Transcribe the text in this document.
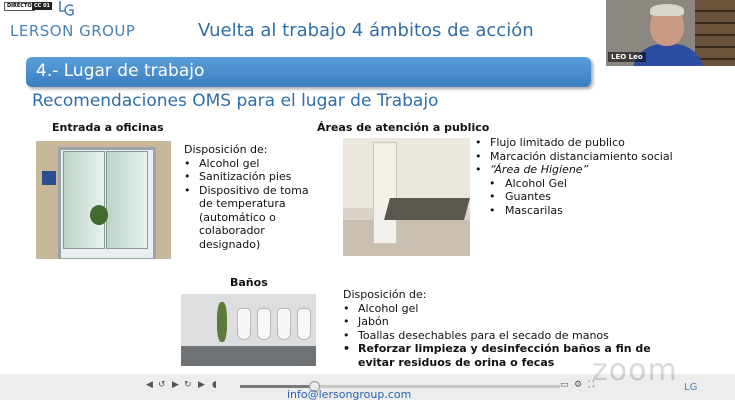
DIRECTO CC 01
LERSON GROUP	Vuelta al trabajo 4 ámbitos de acción
4.- Lugar de trabajo
Recomendaciones OMS para el lugar de Trabajo
LEO Leo
Entrada a oficinas	Áreas de atención a publico
Baños
Disposición de:
• Alcohol gel
• Sanitización pies
• Dispositivo de toma de temperatura (automático o colaborador designado)
• Flujo limitado de publico
• Marcación distanciamiento social
• “Área de Higiene”
• Alcohol Gel
• Guantes
• Mascarilas
Disposición de:
• Alcohol gel
• Jabón
• Toallas desechables para el secado de manos
• Reforzar limpieza y desinfección baños a fin de evitar residuos de orina o fecas	zoom
◀ ↺ ▶ ↻ ▶ ◖	▭ ⚙ ⛶
info@lersongroup.com
LG
